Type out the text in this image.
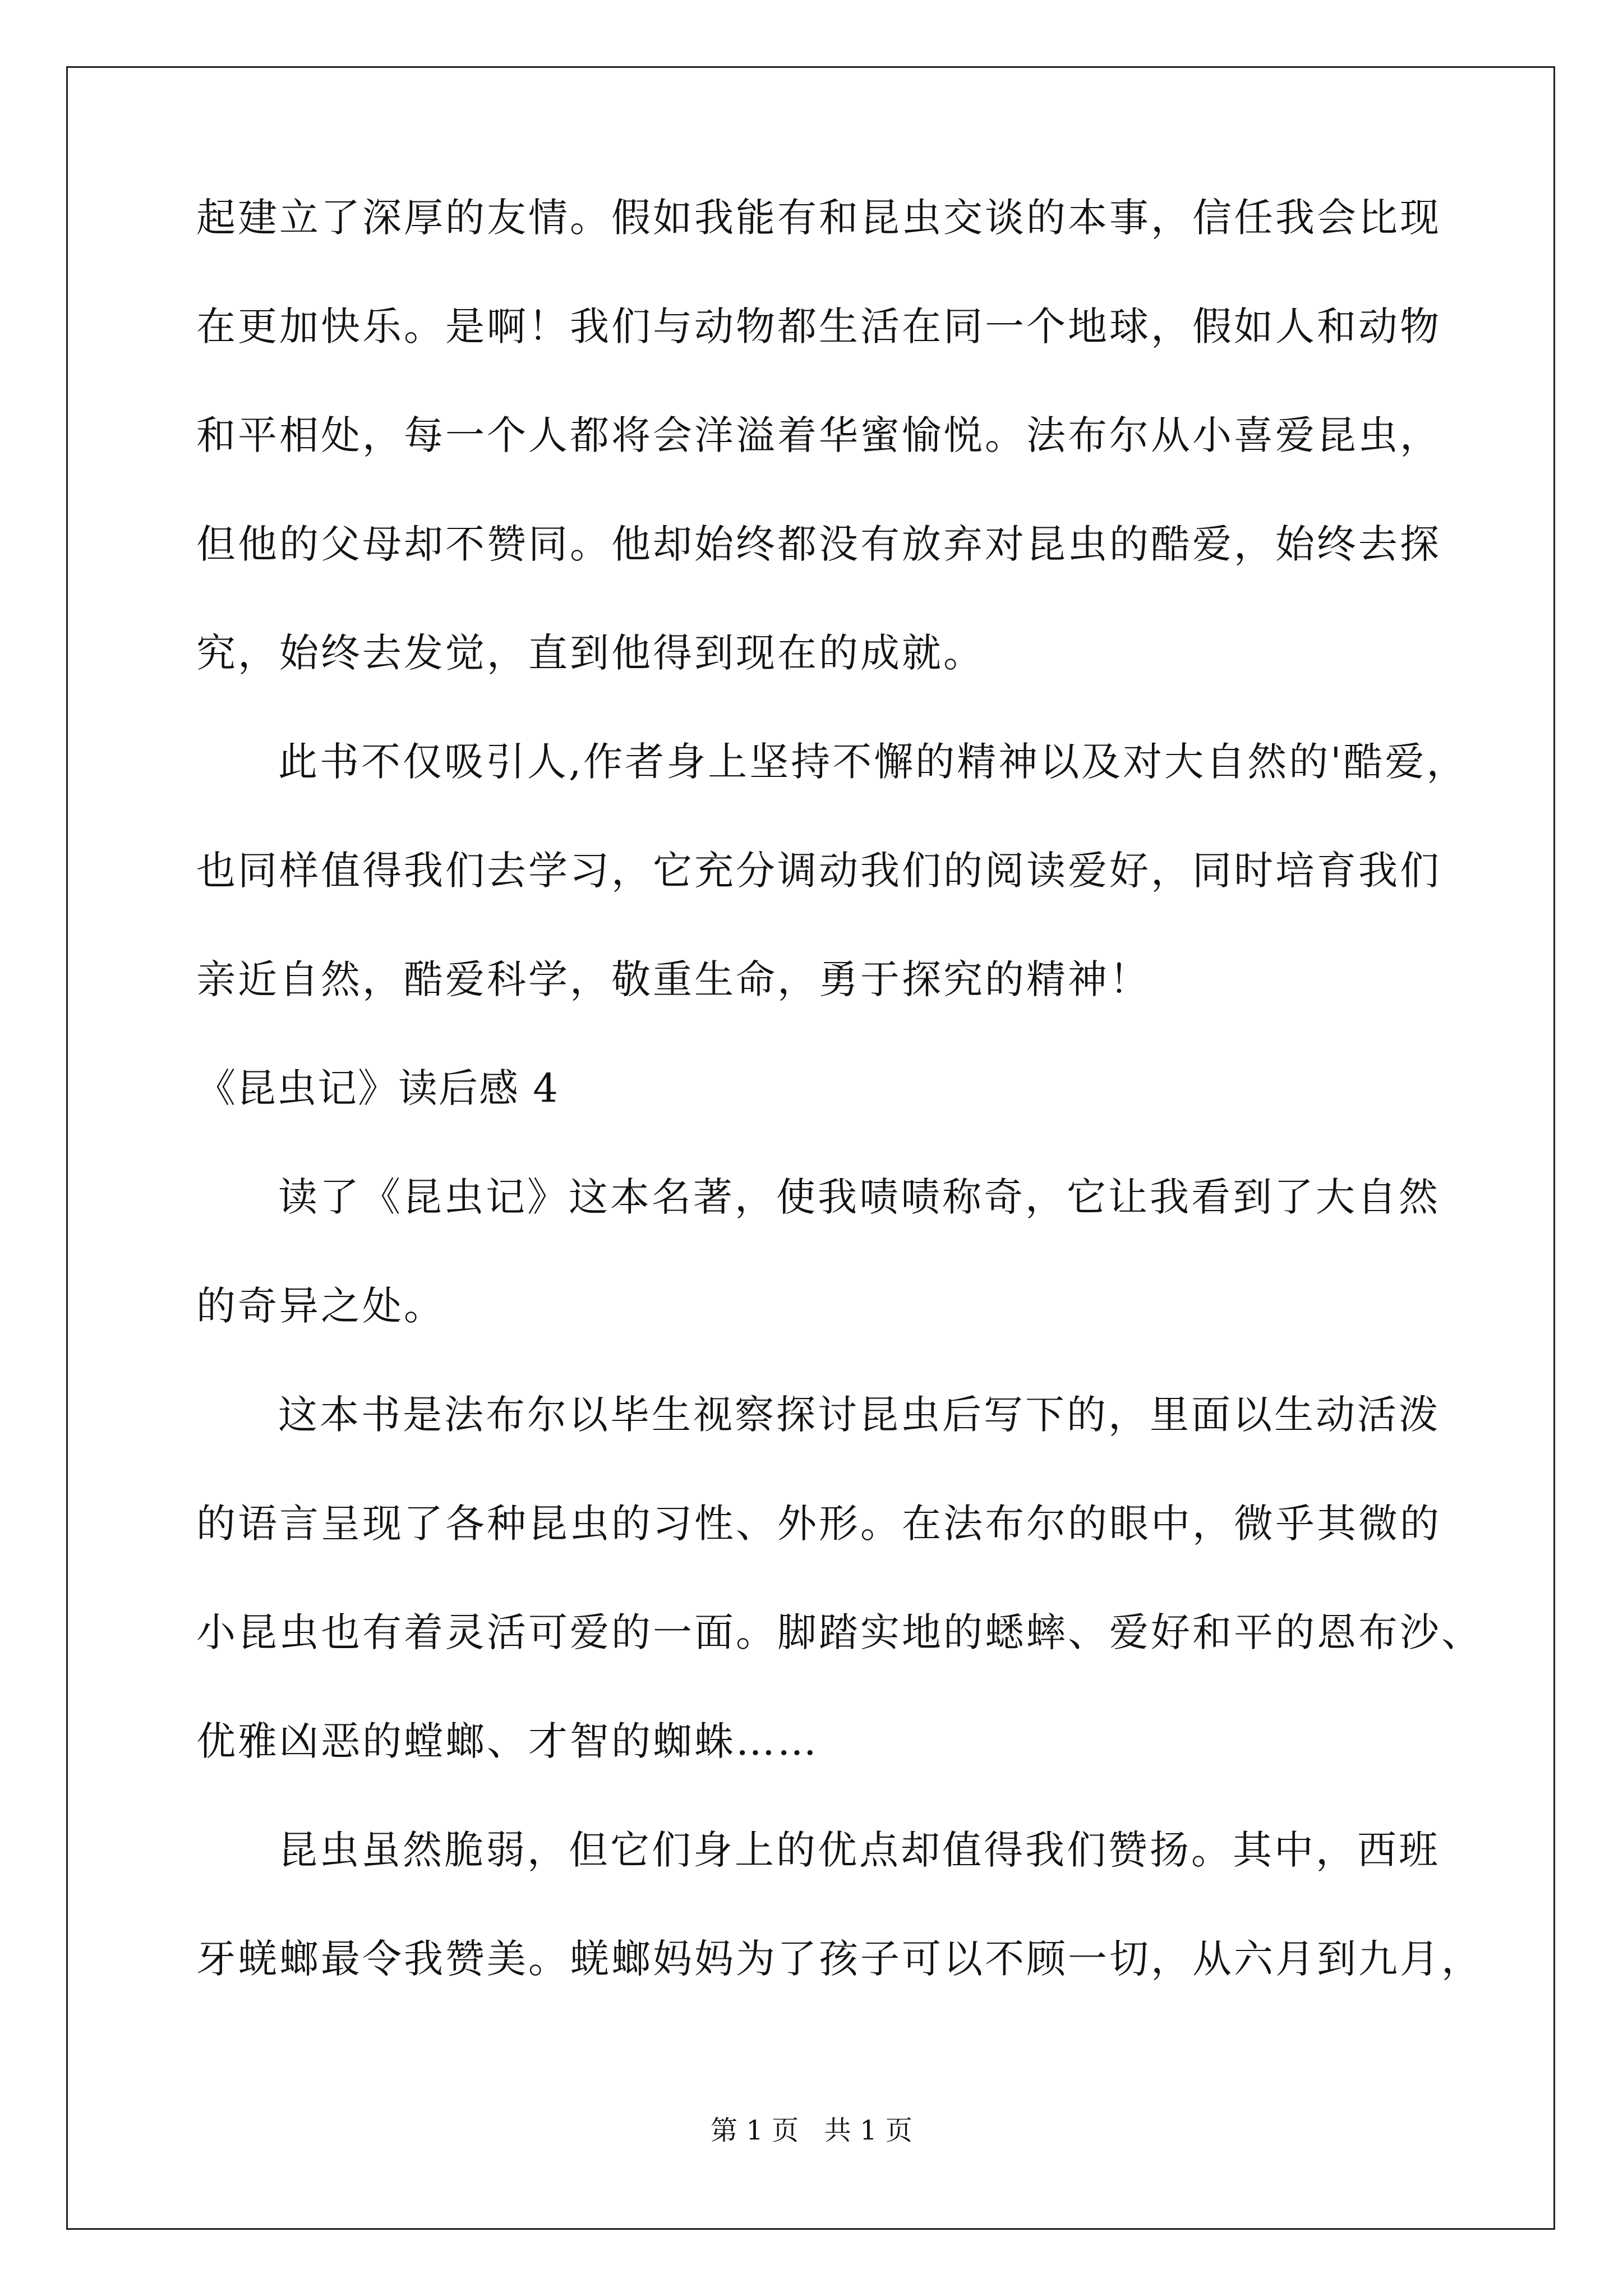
起建立了深厚的友情。假如我能有和昆虫交谈的本事，信任我会比现
在更加快乐。是啊！我们与动物都生活在同一个地球，假如人和动物
和平相处，每一个人都将会洋溢着华蜜愉悦。法布尔从小喜爱昆虫，
但他的父母却不赞同。他却始终都没有放弃对昆虫的酷爱，始终去探
究，始终去发觉，直到他得到现在的成就。
此书不仅吸引人,作者身上坚持不懈的精神以及对大自然的'酷爱，
也同样值得我们去学习，它充分调动我们的阅读爱好，同时培育我们
亲近自然，酷爱科学，敬重生命，勇于探究的精神！
《昆虫记》读后感 4
读了《昆虫记》这本名著，使我啧啧称奇，它让我看到了大自然
的奇异之处。
这本书是法布尔以毕生视察探讨昆虫后写下的，里面以生动活泼
的语言呈现了各种昆虫的习性、外形。在法布尔的眼中，微乎其微的
小昆虫也有着灵活可爱的一面。脚踏实地的蟋蟀、爱好和平的恩布沙、
优雅凶恶的螳螂、才智的蜘蛛……
昆虫虽然脆弱，但它们身上的优点却值得我们赞扬。其中，西班
牙蜣螂最令我赞美。蜣螂妈妈为了孩子可以不顾一切，从六月到九月，
第 1 页   共 1 页
